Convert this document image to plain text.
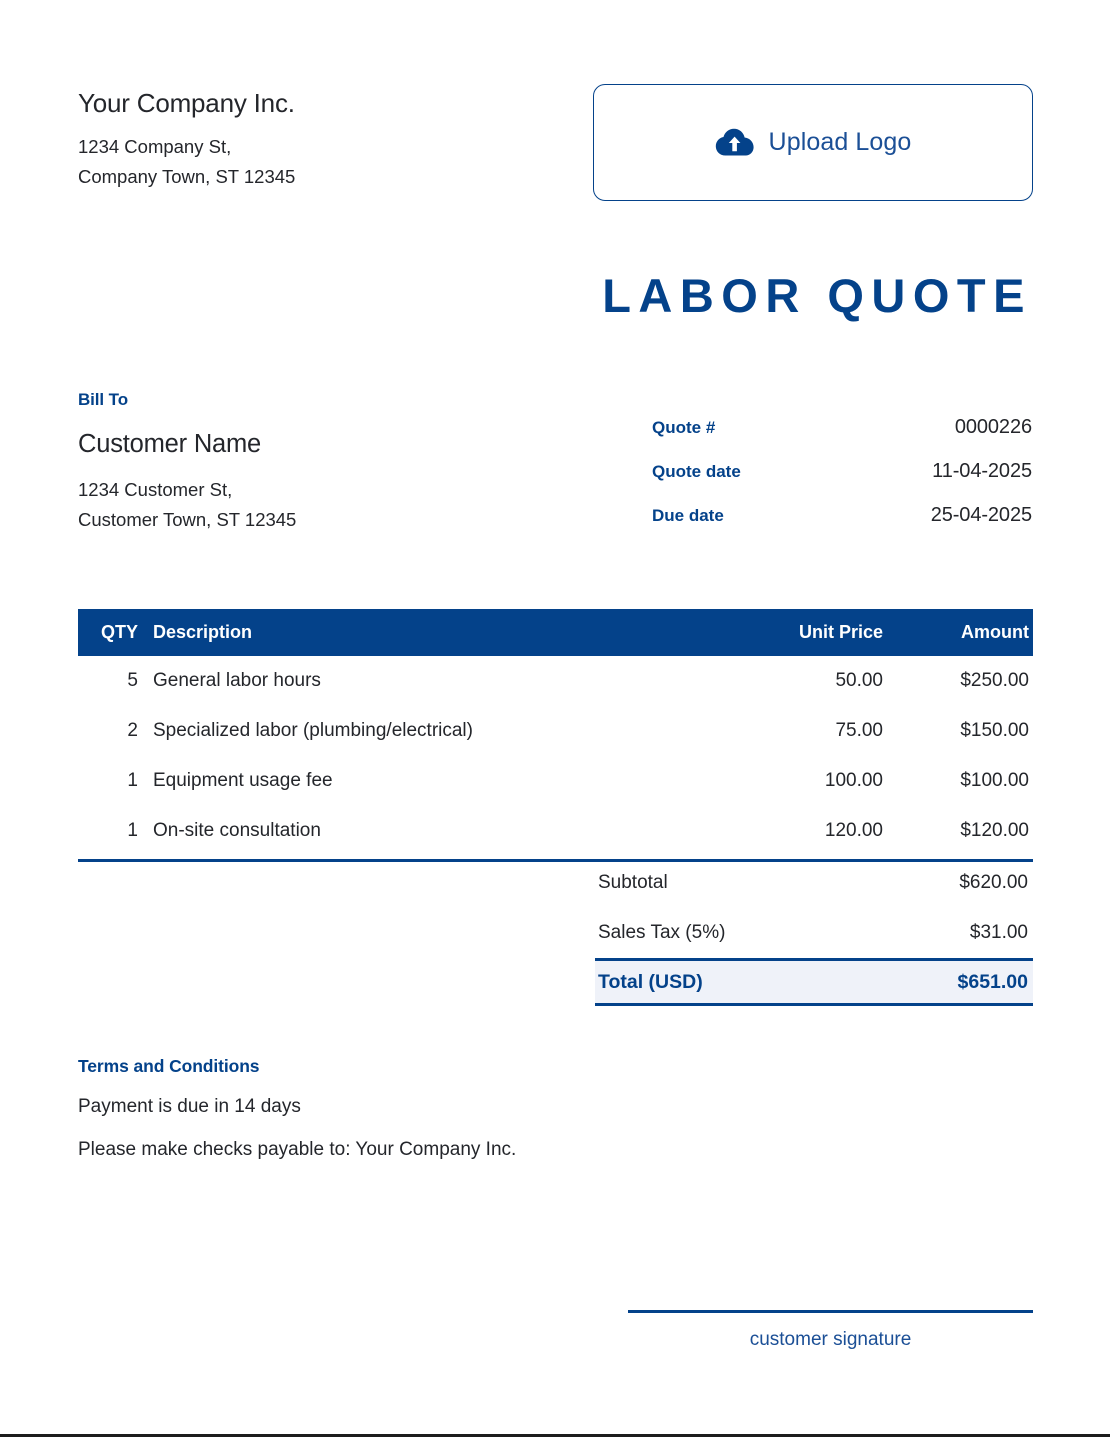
Your Company Inc.
1234 Company St,
Company Town, ST 12345
Upload Logo
LABOR QUOTE
Bill To
Customer Name
1234 Customer St,
Customer Town, ST 12345
Quote #	0000226
Quote date	11-04-2025
Due date	25-04-2025
QTY Description	Unit Price	Amount
5 General labor hours	50.00	$250.00
2 Specialized labor (plumbing/electrical)	75.00	$150.00
1 Equipment usage fee	100.00	$100.00
1 On-site consultation	120.00	$120.00
Subtotal	$620.00
Sales Tax (5%)	$31.00
Total (USD)	$651.00
Terms and Conditions
Payment is due in 14 days
Please make checks payable to: Your Company Inc.
customer signature
